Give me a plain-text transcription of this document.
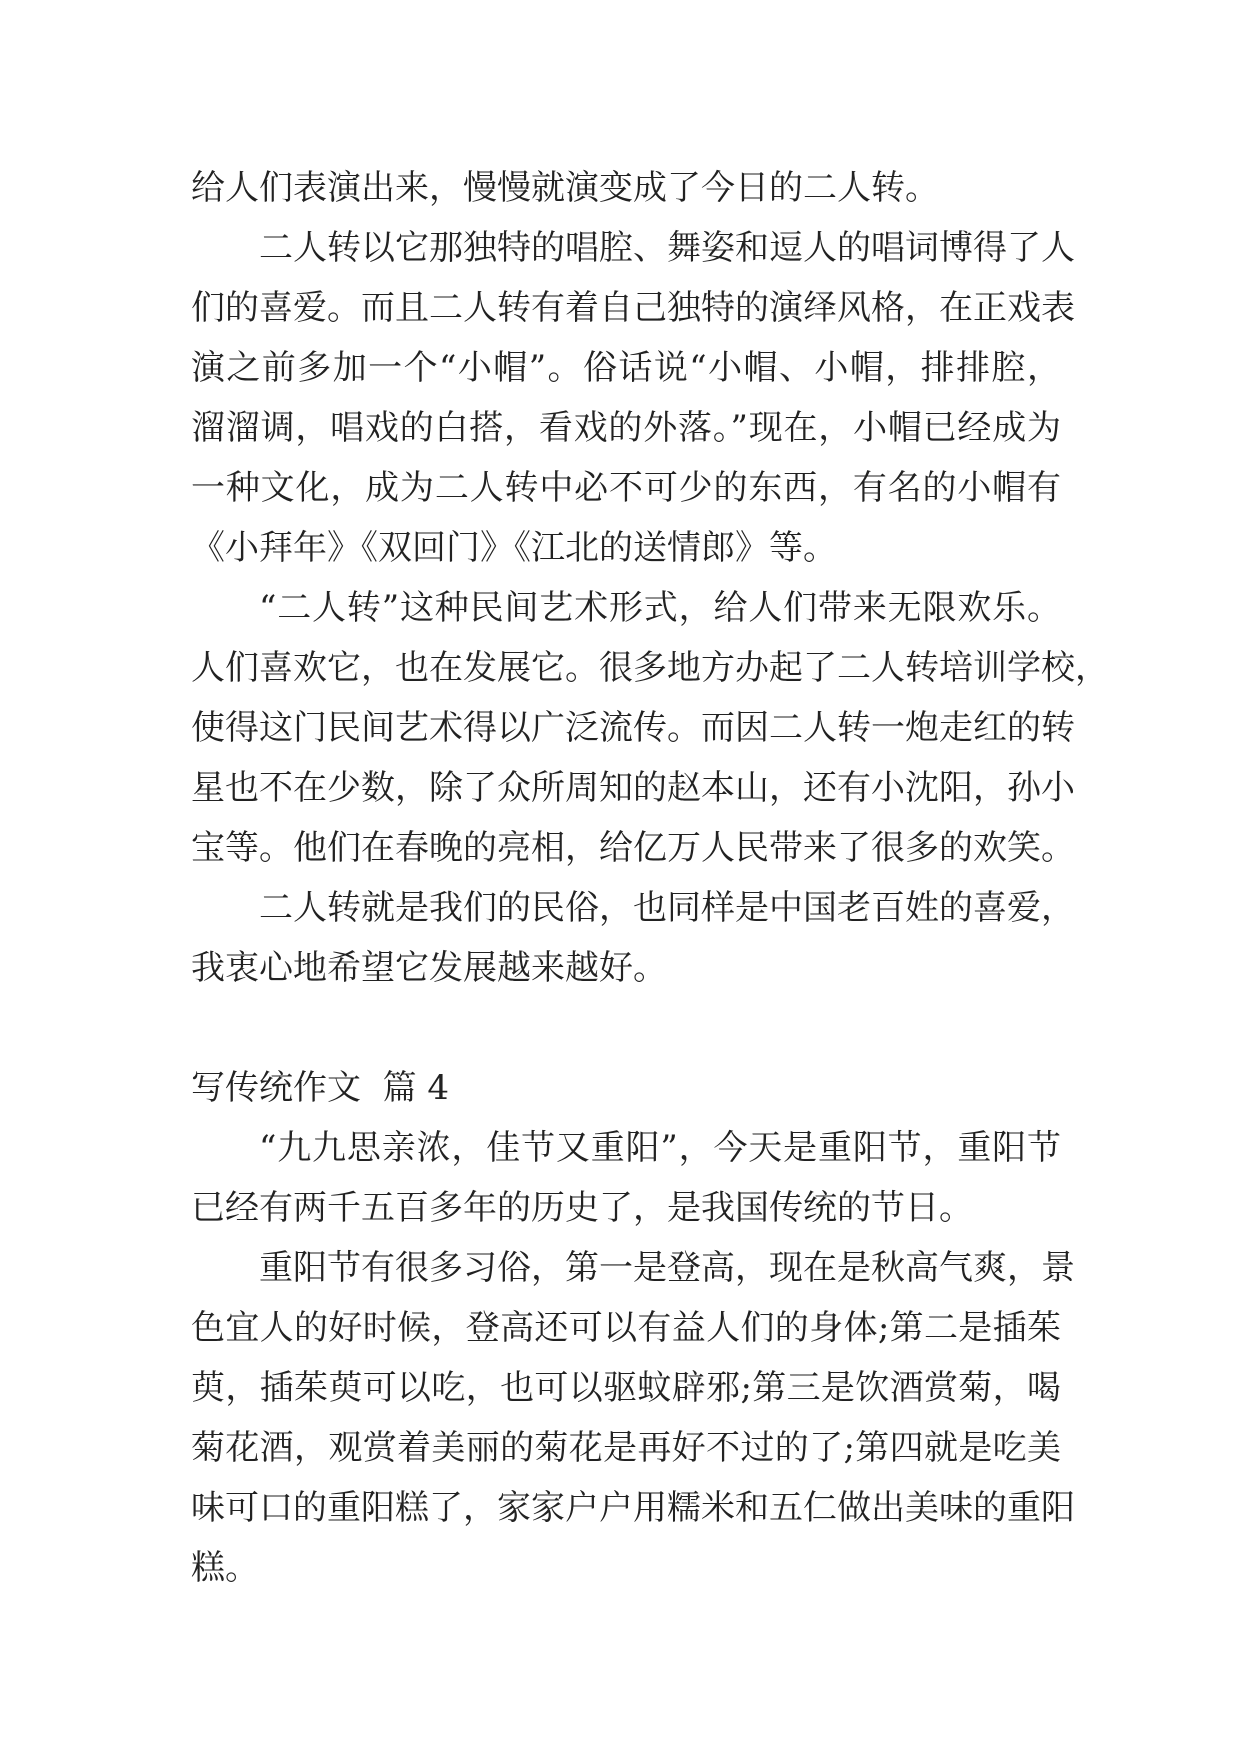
给人们表演出来，慢慢就演变成了今日的二人转。
二人转以它那独特的唱腔、舞姿和逗人的唱词博得了人
们的喜爱。而且二人转有着自己独特的演绎风格，在正戏表
演之前多加一个“小帽”。俗话说“小帽、小帽，排排腔，
溜溜调，唱戏的白搭，看戏的外落。”现在，小帽已经成为
一种文化，成为二人转中必不可少的东西，有名的小帽有
《小拜年》《双回门》《江北的送情郎》等。
“二人转”这种民间艺术形式，给人们带来无限欢乐。
人们喜欢它，也在发展它。很多地方办起了二人转培训学校，
使得这门民间艺术得以广泛流传。而因二人转一炮走红的转
星也不在少数，除了众所周知的赵本山，还有小沈阳，孙小
宝等。他们在春晚的亮相，给亿万人民带来了很多的欢笑。
二人转就是我们的民俗，也同样是中国老百姓的喜爱，
我衷心地希望它发展越来越好。
写传统作文  篇 4
“九九思亲浓，佳节又重阳”，今天是重阳节，重阳节
已经有两千五百多年的历史了，是我国传统的节日。
重阳节有很多习俗，第一是登高，现在是秋高气爽，景
色宜人的好时候，登高还可以有益人们的身体;第二是插茱
萸，插茱萸可以吃，也可以驱蚊辟邪;第三是饮酒赏菊，喝
菊花酒，观赏着美丽的菊花是再好不过的了;第四就是吃美
味可口的重阳糕了，家家户户用糯米和五仁做出美味的重阳
糕。
